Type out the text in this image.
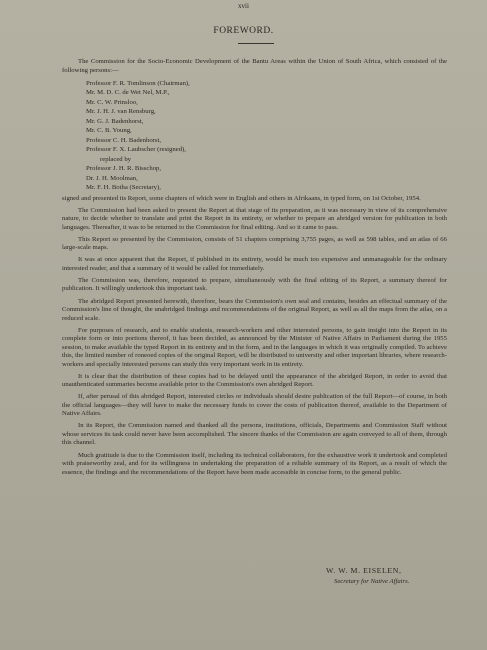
xvii
FOREWORD.

The Commission for the Socio-Economic Development of the Bantu Areas within the Union of South Africa, which consisted of the following persons:—

Professor F. R. Tomlinson (Chairman),
Mr. M. D. C. de Wet Nel, M.P.,
Mr. C. W. Prinsloo,
Mr. J. H. J. van Rensburg,
Mr. G. J. Badenhorst,
Mr. C. B. Young,
Professor C. H. Badenhorst,
Professor F. X. Laubscher (resigned),
replaced by
Professor J. H. R. Bisschop,
Dr. J. H. Moolman,
Mr. F. H. Botha (Secretary),

signed and presented its Report, some chapters of which were in English and others in Afrikaans, in typed form, on 1st October, 1954.

The Commission had been asked to present the Report at that stage of its preparation, as it was necessary in view of its comprehensive nature, to decide whether to translate and print the Report in its entirety, or whether to prepare an abridged version for publication in both languages. Thereafter, it was to be returned to the Commission for final editing. And so it came to pass.

This Report so presented by the Commission, consists of 51 chapters comprising 3,755 pages, as well as 598 tables, and an atlas of 66 large-scale maps.

It was at once apparent that the Report, if published in its entirety, would be much too expensive and unmanageable for the ordinary interested reader, and that a summary of it would be called for immediately.

The Commission was, therefore, requested to prepare, simultaneously with the final editing of its Report, a summary thereof for publication. It willingly undertook this important task.

The abridged Report presented herewith, therefore, bears the Commission's own seal and contains, besides an effectual summary of the Commission's line of thought, the unabridged findings and recommendations of the original Report, as well as all the maps from the atlas, on a reduced scale.

For purposes of research, and to enable students, research-workers and other interested persons, to gain insight into the Report in its complete form or into portions thereof, it has been decided, as announced by the Minister of Native Affairs in Parliament during the 1955 session, to make available the typed Report in its entirety and in the form, and in the languages in which it was originally compiled. To achieve this, the limited number of roneoed copies of the original Report, will be distributed to university and other important libraries, where research-workers and specially interested persons can study this very important work in its entirety.

It is clear that the distribution of these copies had to be delayed until the appearance of the abridged Report, in order to avoid that unauthenticated summaries become available prior to the Commission's own abridged Report.

If, after perusal of this abridged Report, interested circles or individuals should desire publication of the full Report—of course, in both the official languages—they will have to make the necessary funds to cover the costs of publication thereof, available to the Department of Native Affairs.

In its Report, the Commission named and thanked all the persons, institutions, officials, Departments and Commission Staff without whose services its task could never have been accomplished. The sincere thanks of the Commission are again conveyed to all of them, through this channel.

Much gratitude is due to the Commission itself, including its technical collaborators, for the exhaustive work it undertook and completed with praiseworthy zeal, and for its willingness in undertaking the preparation of a reliable summary of its Report, as a result of which the essence, the findings and the recommendations of the Report have been made accessible in concise form, to the general public.

W. W. M. EISELEN,
Secretary for Native Affairs.
